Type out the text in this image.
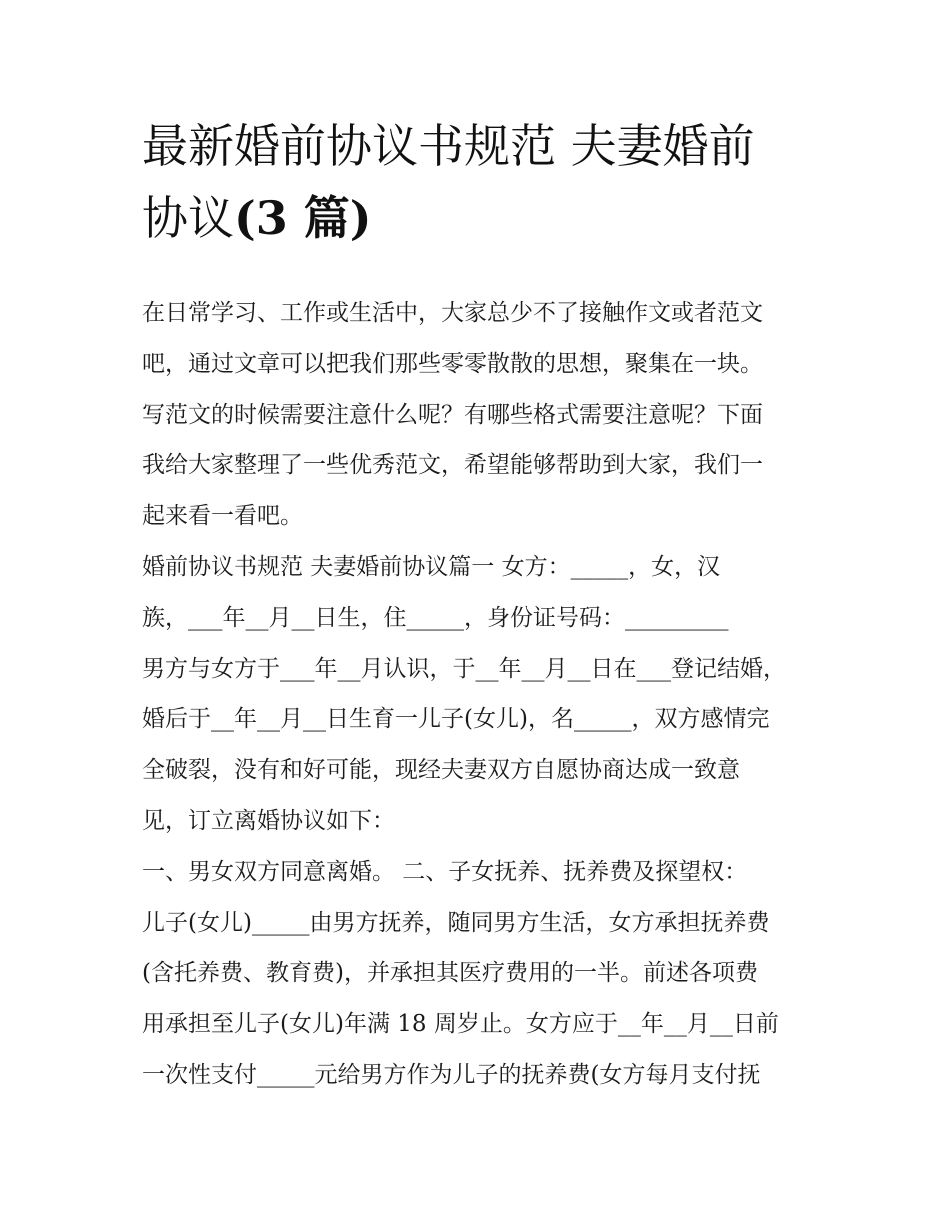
最新婚前协议书规范 夫妻婚前
协议(3 篇)

在日常学习、工作或生活中，大家总少不了接触作文或者范文
吧，通过文章可以把我们那些零零散散的思想，聚集在一块。
写范文的时候需要注意什么呢？有哪些格式需要注意呢？下面
我给大家整理了一些优秀范文，希望能够帮助到大家，我们一
起来看一看吧。

婚前协议书规范 夫妻婚前协议篇一 女方：_____，女，汉
族，___年__月__日生，住_____，身份证号码：_________
男方与女方于___年__月认识，于__年__月__日在___登记结婚，
婚后于__年__月__日生育一儿子(女儿)，名_____，双方感情完
全破裂，没有和好可能，现经夫妻双方自愿协商达成一致意
见，订立离婚协议如下：

一、男女双方同意离婚。 二、子女抚养、抚养费及探望权：
儿子(女儿)_____由男方抚养，随同男方生活，女方承担抚养费
(含托养费、教育费)，并承担其医疗费用的一半。前述各项费
用承担至儿子(女儿)年满 18 周岁止。女方应于__年__月__日前
一次性支付_____元给男方作为儿子的抚养费(女方每月支付抚
